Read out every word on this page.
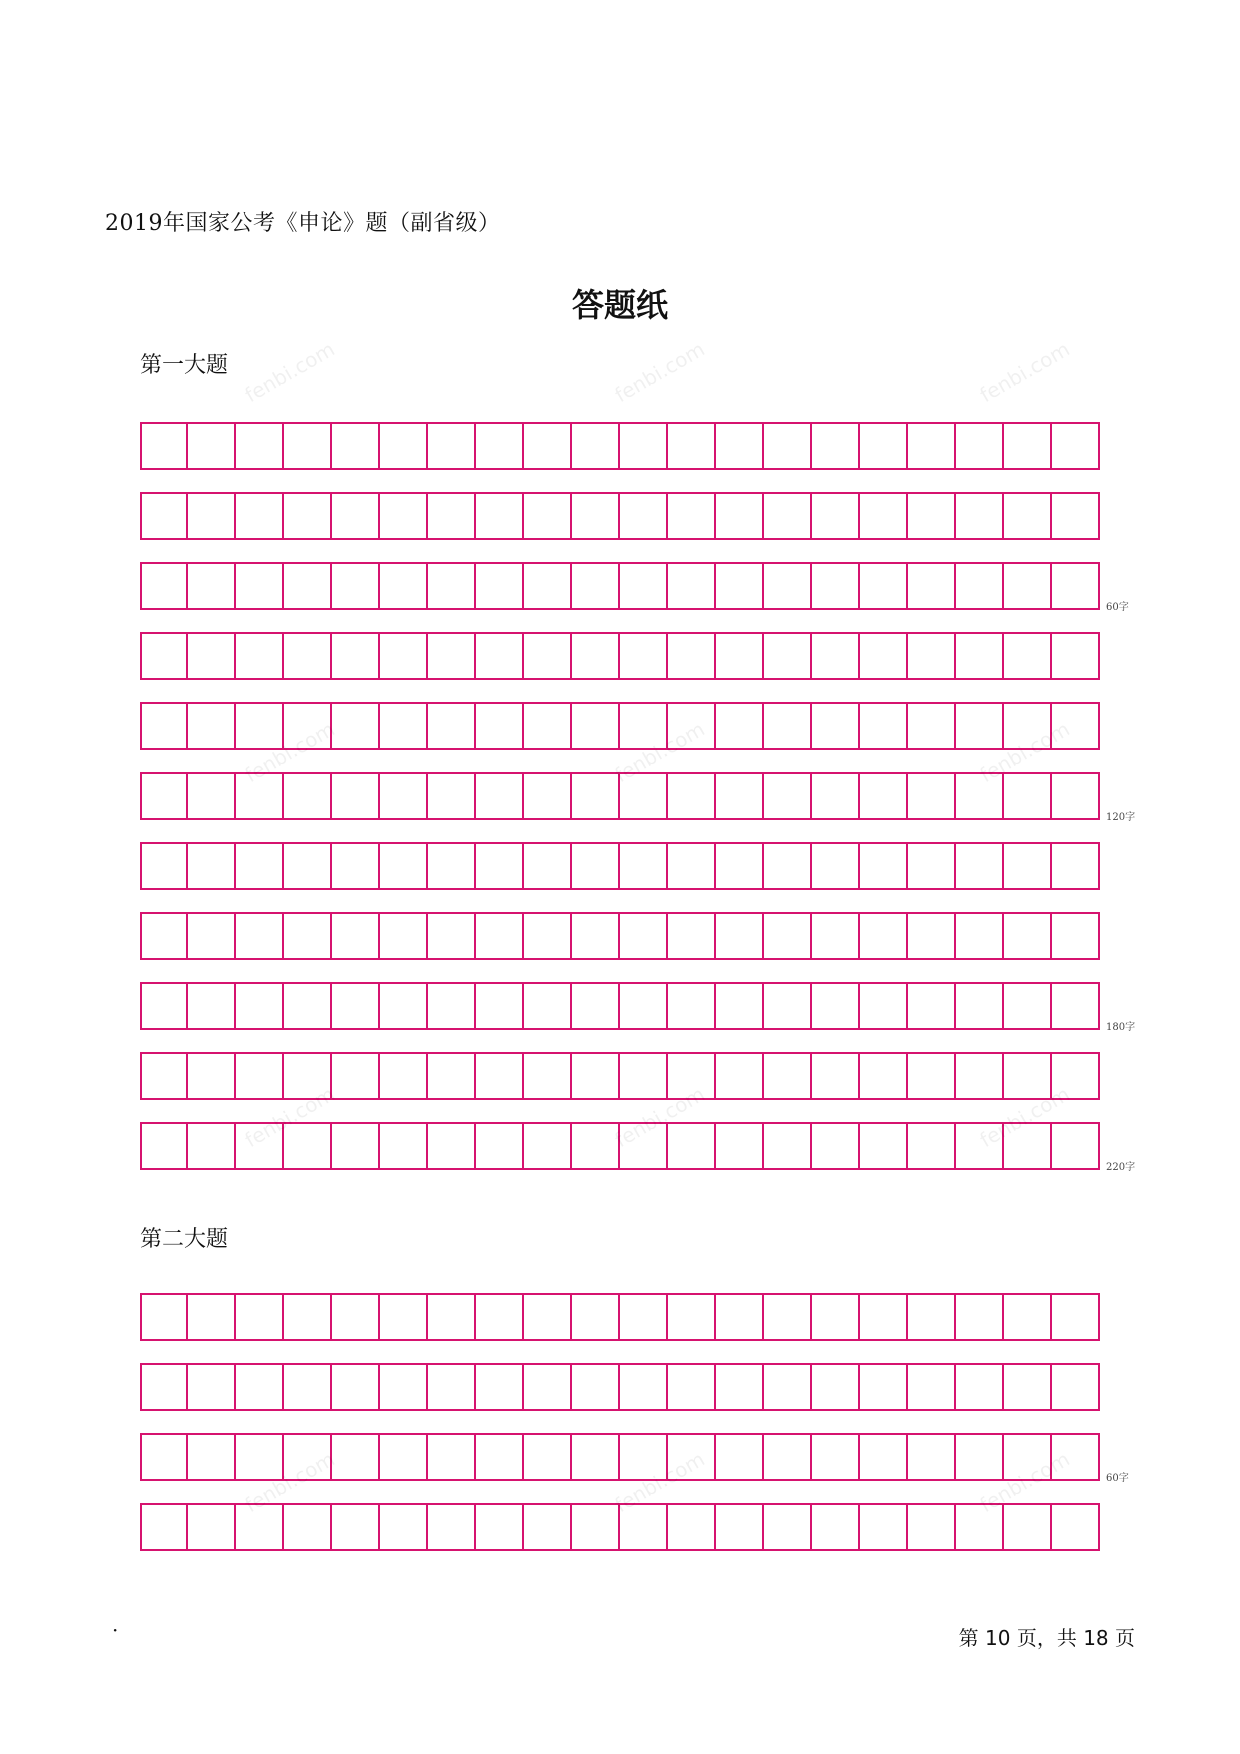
2019年国家公考《申论》题（副省级）
答题纸
第一大题
60字
120字
180字
220字
第二大题
60字
fenbi.com	fenbi.com	fenbi.com
fenbi.com	fenbi.com	fenbi.com
fenbi.com	fenbi.com	fenbi.com
fenbi.com	fenbi.com	fenbi.com
·	第 10 页，共 18 页
